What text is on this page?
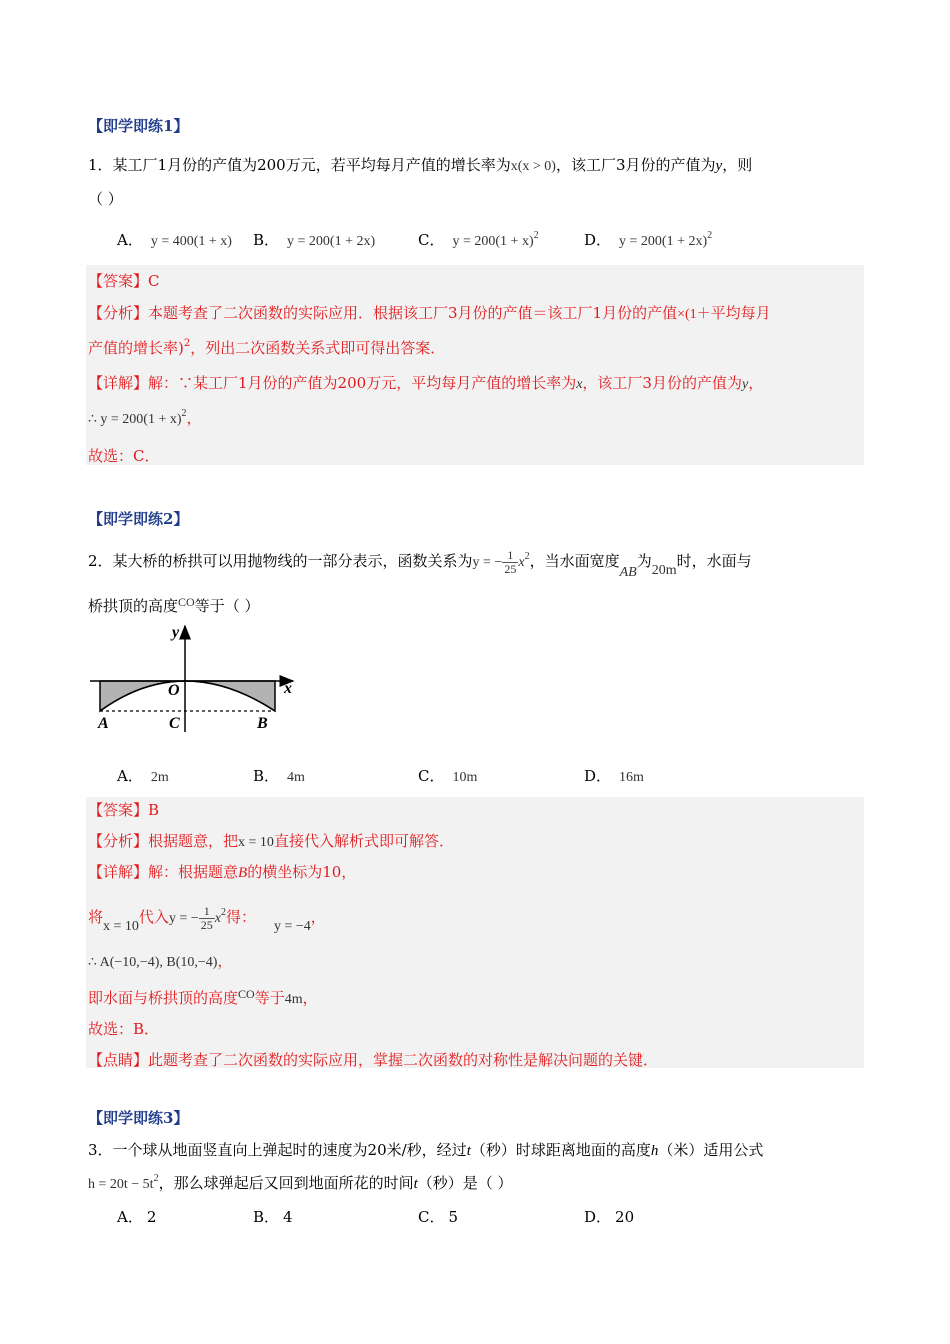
【即学即练1】
1．某工厂1月份的产值为200万元，若平均每月产值的增长率为x(x > 0)，该工厂3月份的产值为y，则
（ ）
A． y = 400(1 + x) B． y = 200(1 + 2x)	C． $y = 200(1 + x)^2$	D． $y = 200(1 + 2x)^2$
【答案】C
【分析】本题考查了二次函数的实际应用．根据该工厂3月份的产值＝该工厂1月份的产值×(1＋平均每月
产值的增长率)$^2$，列出二次函数关系式即可得出答案．
【详解】解：∵某工厂1月份的产值为200万元，平均每月产值的增长率为x，该工厂3月份的产值为y，
∴ $y = 200(1 + x)^2$，
故选：C．
【即学即练2】
2．某大桥的桥拱可以用抛物线的一部分表示，函数关系为y = − $\frac{1}{25} x^2$，当水面宽度AB为20m时，水面与
桥拱顶的高度$^{CO}$等于（ ）
y
x
O
A	C	B
A． 2m	B． 4m	C． 10m	D． 16m
【答案】B
【分析】根据题意，把x = 10直接代入解析式即可解答．
【详解】解：根据题意B的横坐标为10，
将x = 10代入y = − $\frac{1}{25} x^2$得：y = −4，
∴ A(−10,−4), B(10,−4)，
即水面与桥拱顶的高度$^{CO}$等于4m，
故选：B．
【点睛】此题考查了二次函数的实际应用，掌握二次函数的对称性是解决问题的关键．
【即学即练3】
3．一个球从地面竖直向上弹起时的速度为20米/秒，经过t（秒）时球距离地面的高度h（米）适用公式
$h = 20t - 5t^2$，那么球弹起后又回到地面所花的时间t（秒）是（ ）
A． 2	B． 4	C． 5	D． 20
